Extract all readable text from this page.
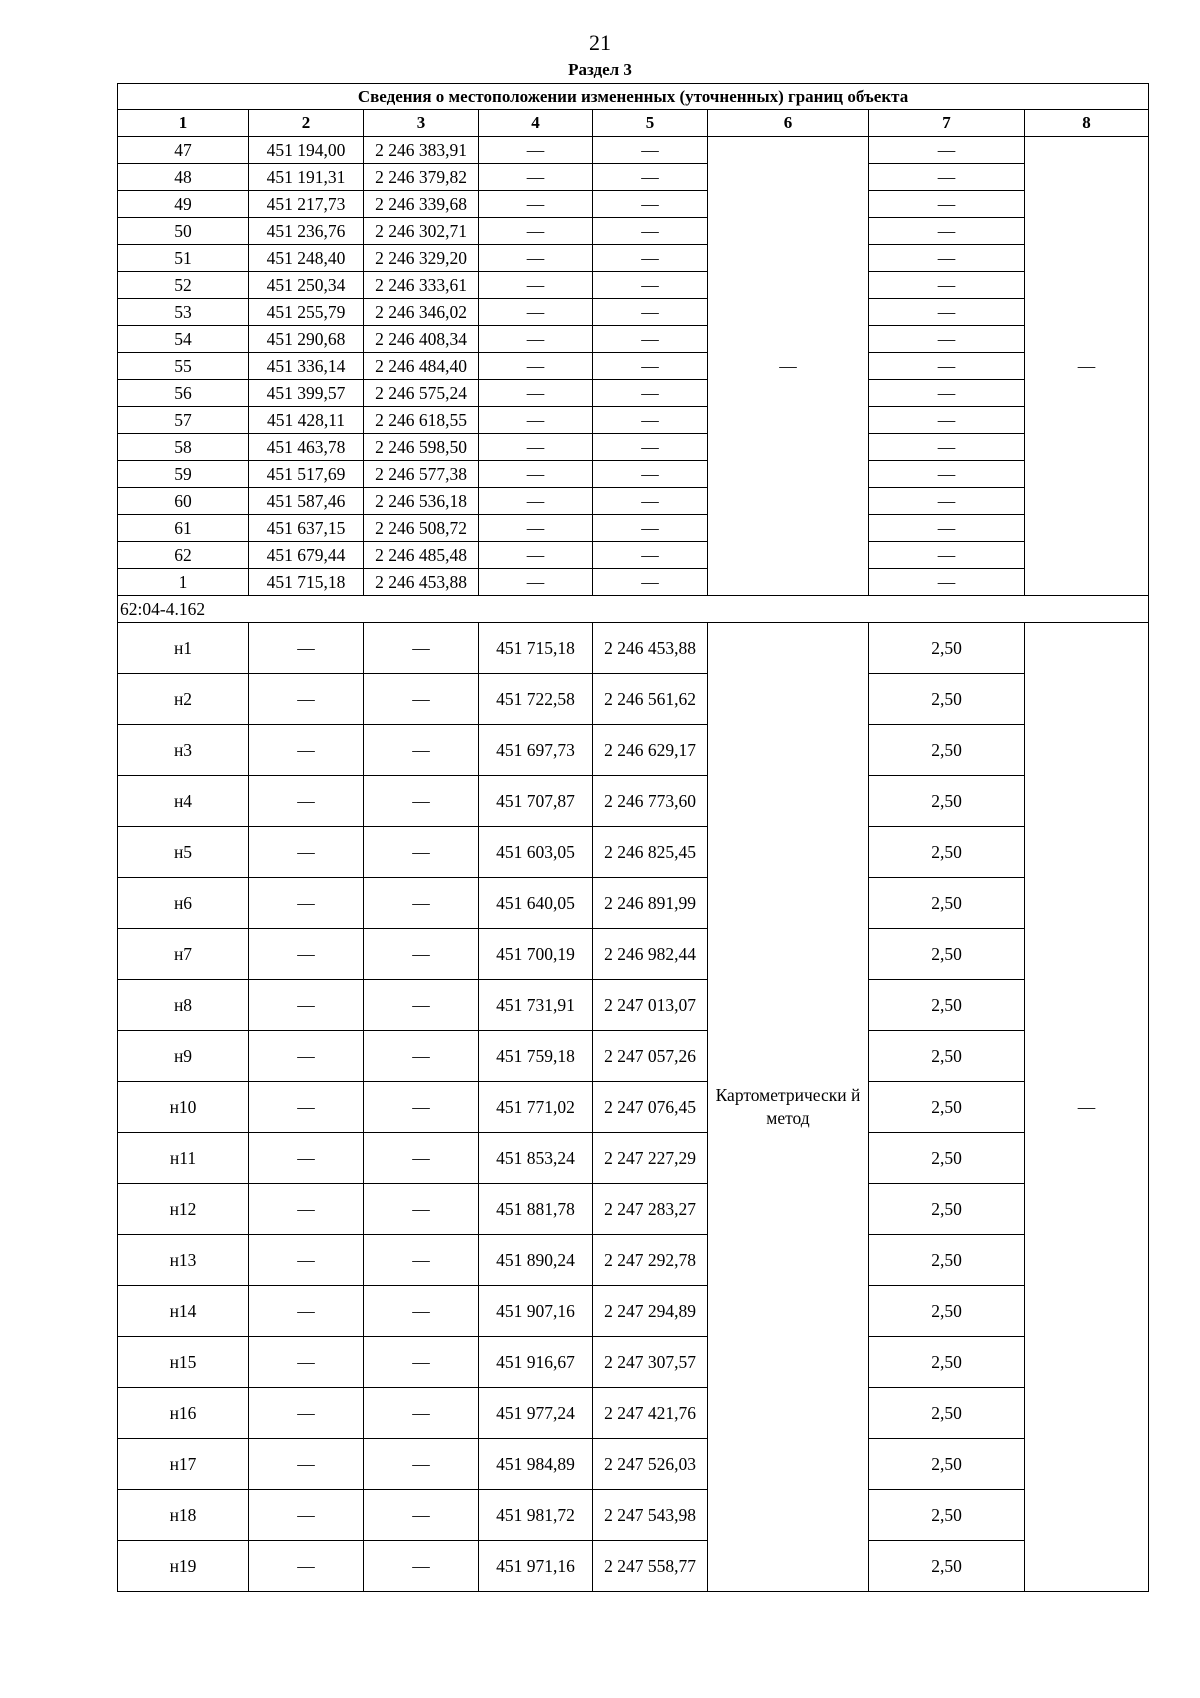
21
Раздел 3
Сведения о местоположении измененных (уточненных) границ объекта							
1	2	3	4	5	6	7	8
47	451 194,00	2 246 383,91	—	—	—	—	—
48	451 191,31	2 246 379,82	—	—		—	
49	451 217,73	2 246 339,68	—	—		—	
50	451 236,76	2 246 302,71	—	—		—	
51	451 248,40	2 246 329,20	—	—		—	
52	451 250,34	2 246 333,61	—	—		—	
53	451 255,79	2 246 346,02	—	—		—	
54	451 290,68	2 246 408,34	—	—		—	
55	451 336,14	2 246 484,40	—	—		—	
56	451 399,57	2 246 575,24	—	—		—	
57	451 428,11	2 246 618,55	—	—		—	
58	451 463,78	2 246 598,50	—	—		—	
59	451 517,69	2 246 577,38	—	—		—	
60	451 587,46	2 246 536,18	—	—		—	
61	451 637,15	2 246 508,72	—	—		—	
62	451 679,44	2 246 485,48	—	—		—	
1	451 715,18	2 246 453,88	—	—		—	
62:04-4.162							
н1	—	—	451 715,18	2 246 453,88	Картометрически й метод	2,50	—
н2	—	—	451 722,58	2 246 561,62		2,50	
н3	—	—	451 697,73	2 246 629,17		2,50	
н4	—	—	451 707,87	2 246 773,60		2,50	
н5	—	—	451 603,05	2 246 825,45		2,50	
н6	—	—	451 640,05	2 246 891,99		2,50	
н7	—	—	451 700,19	2 246 982,44		2,50	
н8	—	—	451 731,91	2 247 013,07		2,50	
н9	—	—	451 759,18	2 247 057,26		2,50	
н10	—	—	451 771,02	2 247 076,45		2,50	
н11	—	—	451 853,24	2 247 227,29		2,50	
н12	—	—	451 881,78	2 247 283,27		2,50	
н13	—	—	451 890,24	2 247 292,78		2,50	
н14	—	—	451 907,16	2 247 294,89		2,50	
н15	—	—	451 916,67	2 247 307,57		2,50	
н16	—	—	451 977,24	2 247 421,76		2,50	
н17	—	—	451 984,89	2 247 526,03		2,50	
н18	—	—	451 981,72	2 247 543,98		2,50	
н19	—	—	451 971,16	2 247 558,77		2,50	
